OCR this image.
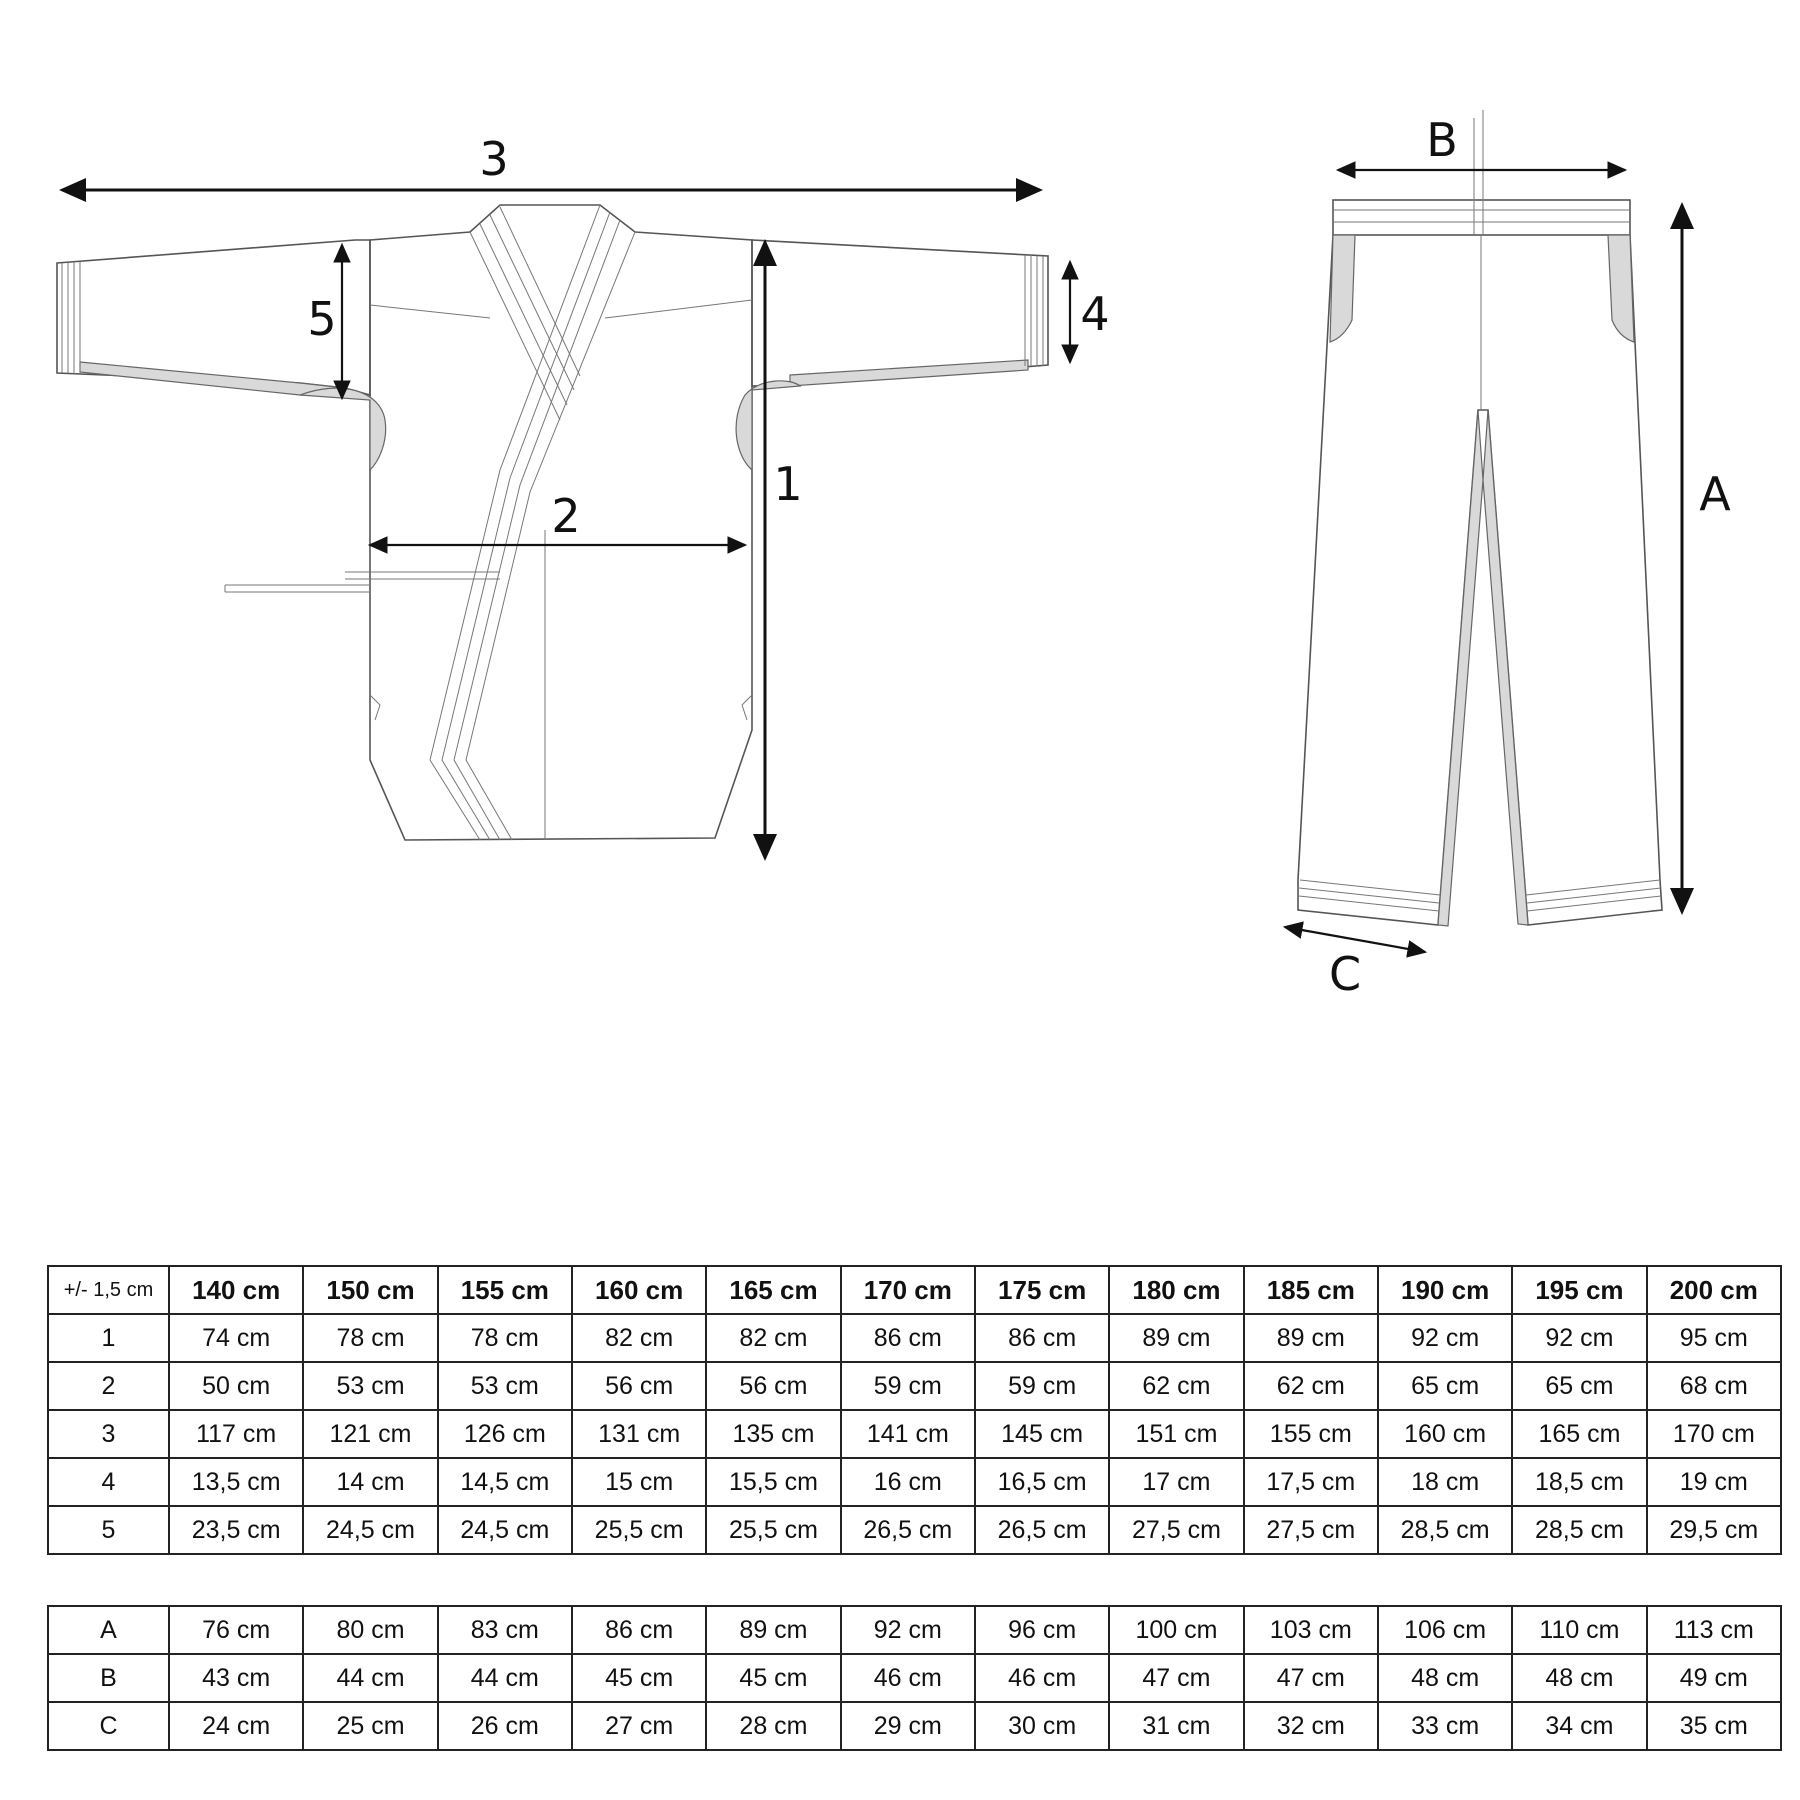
1
2
3
4
5
A
B
C
+/- 1,5 cm	140 cm	150 cm	155 cm	160 cm	165 cm	170 cm	175 cm	180 cm	185 cm	190 cm	195 cm	200 cm
1	74 cm	78 cm	78 cm	82 cm	82 cm	86 cm	86 cm	89 cm	89 cm	92 cm	92 cm	95 cm
2	50 cm	53 cm	53 cm	56 cm	56 cm	59 cm	59 cm	62 cm	62 cm	65 cm	65 cm	68 cm
3	117 cm	121 cm	126 cm	131 cm	135 cm	141 cm	145 cm	151 cm	155 cm	160 cm	165 cm	170 cm
4	13,5 cm	14 cm	14,5 cm	15 cm	15,5 cm	16 cm	16,5 cm	17 cm	17,5 cm	18 cm	18,5 cm	19 cm
5	23,5 cm	24,5 cm	24,5 cm	25,5 cm	25,5 cm	26,5 cm	26,5 cm	27,5 cm	27,5 cm	28,5 cm	28,5 cm	29,5 cm
A	76 cm	80 cm	83 cm	86 cm	89 cm	92 cm	96 cm	100 cm	103 cm	106 cm	110 cm	113 cm
B	43 cm	44 cm	44 cm	45 cm	45 cm	46 cm	46 cm	47 cm	47 cm	48 cm	48 cm	49 cm
C	24 cm	25 cm	26 cm	27 cm	28 cm	29 cm	30 cm	31 cm	32 cm	33 cm	34 cm	35 cm
